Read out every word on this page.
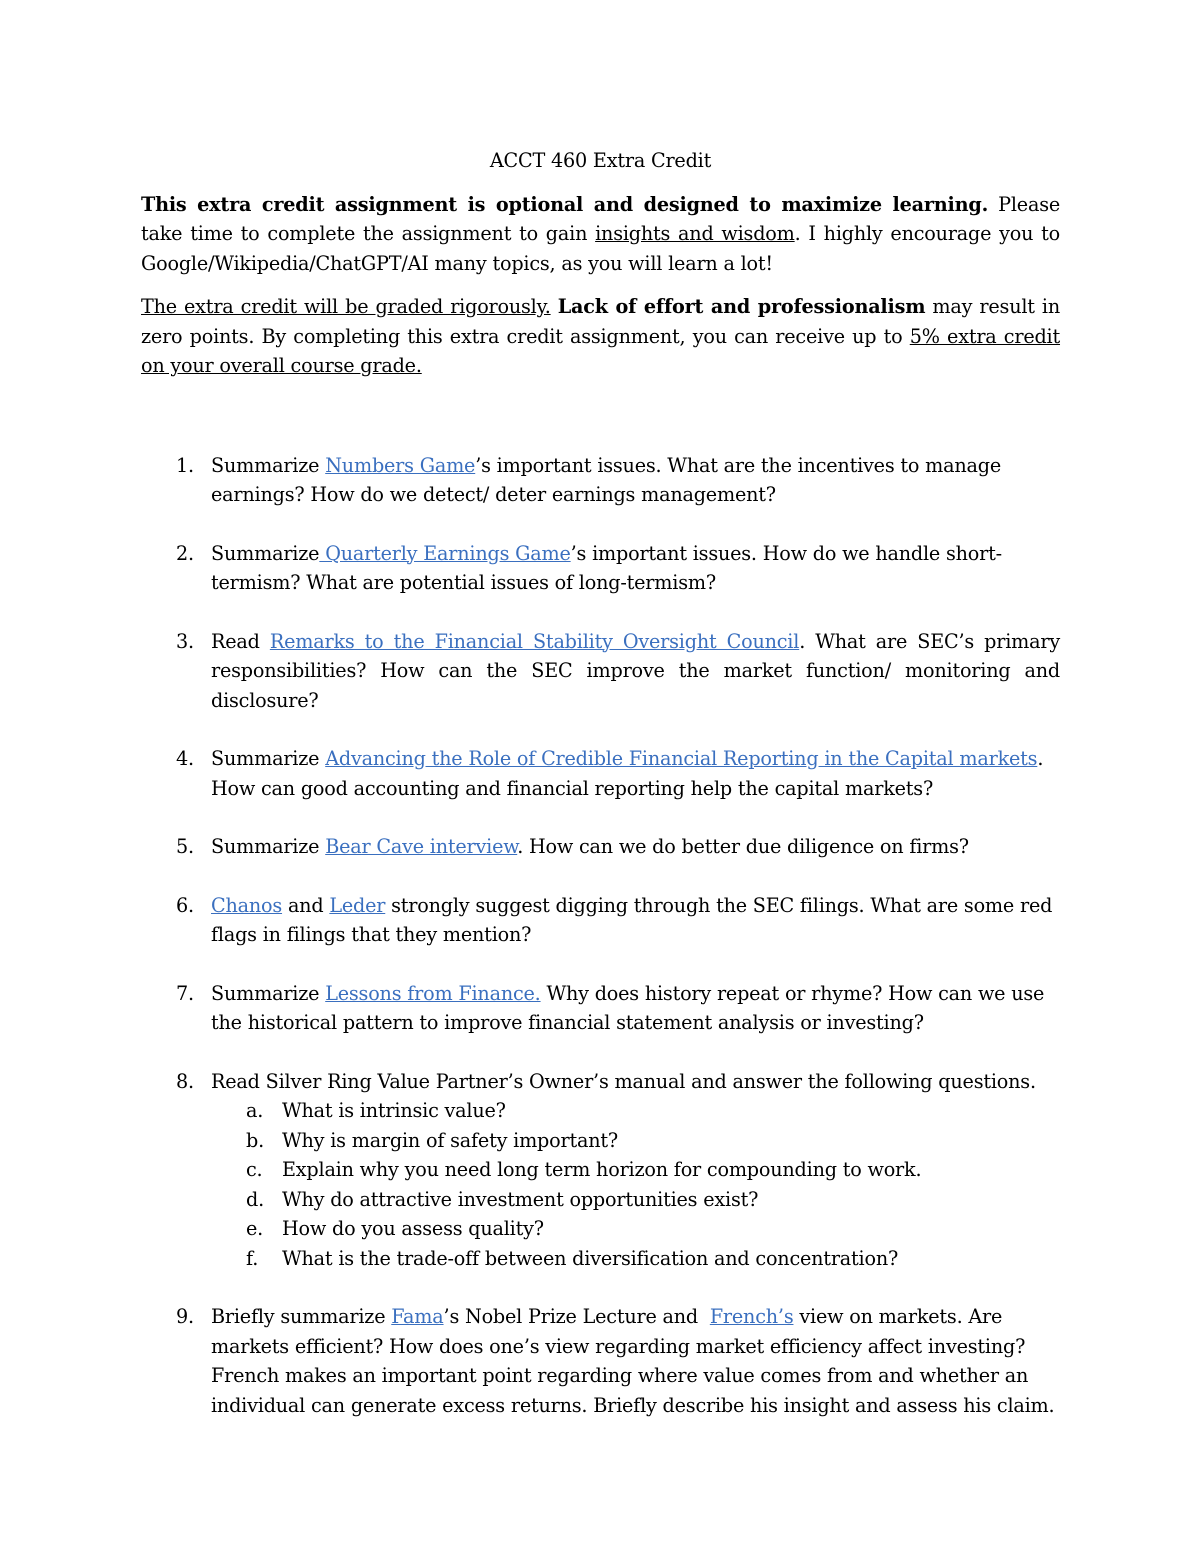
ACCT 460 Extra Credit

This extra credit assignment is optional and designed to maximize learning. Please take time to complete the assignment to gain insights and wisdom. I highly encourage you to Google/Wikipedia/ChatGPT/AI many topics, as you will learn a lot!

The extra credit will be graded rigorously. Lack of effort and professionalism may result in zero points. By completing this extra credit assignment, you can receive up to 5% extra credit on your overall course grade.

1. Summarize Numbers Game’s important issues. What are the incentives to manage earnings? How do we detect/ deter earnings management?
2. Summarize Quarterly Earnings Game’s important issues. How do we handle short-termism? What are potential issues of long-termism?
3. Read Remarks to the Financial Stability Oversight Council. What are SEC’s primary responsibilities? How can the SEC improve the market function/ monitoring and disclosure?
4. Summarize Advancing the Role of Credible Financial Reporting in the Capital markets. How can good accounting and financial reporting help the capital markets?
5. Summarize Bear Cave interview. How can we do better due diligence on firms?
6. Chanos and Leder strongly suggest digging through the SEC filings. What are some red flags in filings that they mention?
7. Summarize Lessons from Finance. Why does history repeat or rhyme? How can we use the historical pattern to improve financial statement analysis or investing?
8. Read Silver Ring Value Partner’s Owner’s manual and answer the following questions.
a. What is intrinsic value?
b. Why is margin of safety important?
c. Explain why you need long term horizon for compounding to work.
d. Why do attractive investment opportunities exist?
e. How do you assess quality?
f. What is the trade-off between diversification and concentration?
9. Briefly summarize Fama’s Nobel Prize Lecture and  French’s view on markets. Are markets efficient? How does one’s view regarding market efficiency affect investing? French makes an important point regarding where value comes from and whether an individual can generate excess returns. Briefly describe his insight and assess his claim.
